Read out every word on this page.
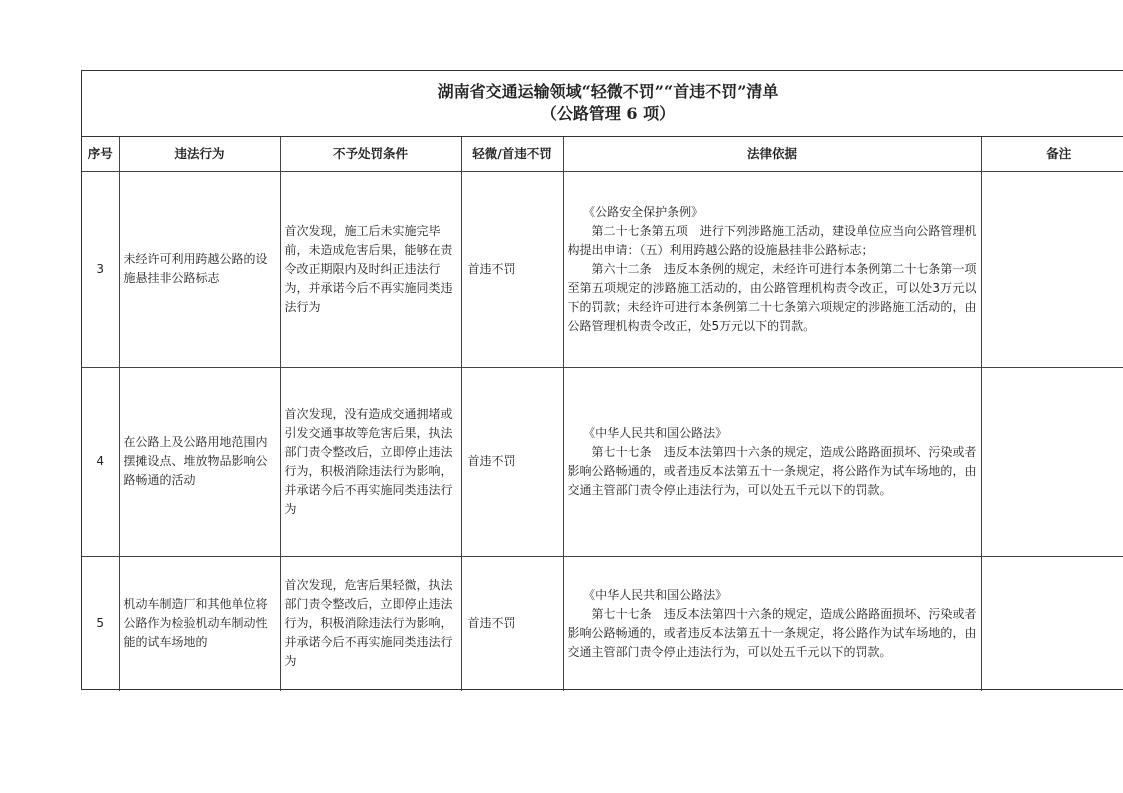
湖南省交通运输领域“轻微不罚”“首违不罚”清单
（公路管理 6 项）
序号	违法行为	不予处罚条件	轻微/首违不罚	法律依据	备注
3	未经许可利用跨越公路的设施悬挂非公路标志	首次发现，施工后未实施完毕前，未造成危害后果，能够在责令改正期限内及时纠正违法行为，并承诺今后不再实施同类违法行为	首违不罚	《公路安全保护条例》

第二十七条第五项　进行下列涉路施工活动，建设单位应当向公路管理机构提出申请：（五）利用跨越公路的设施悬挂非公路标志；

第六十二条　违反本条例的规定，未经许可进行本条例第二十七条第一项至第五项规定的涉路施工活动的，由公路管理机构责令改正，可以处3万元以下的罚款；未经许可进行本条例第二十七条第六项规定的涉路施工活动的，由公路管理机构责令改正，处5万元以下的罚款。	

4	在公路上及公路用地范围内摆摊设点、堆放物品影响公路畅通的活动	首次发现，没有造成交通拥堵或引发交通事故等危害后果，执法部门责令整改后，立即停止违法行为，积极消除违法行为影响，并承诺今后不再实施同类违法行为	首违不罚	《中华人民共和国公路法》

第七十七条　违反本法第四十六条的规定，造成公路路面损坏、污染或者影响公路畅通的，或者违反本法第五十一条规定，将公路作为试车场地的，由交通主管部门责令停止违法行为，可以处五千元以下的罚款。	

5	机动车制造厂和其他单位将公路作为检验机动车制动性能的试车场地的	首次发现，危害后果轻微，执法部门责令整改后，立即停止违法行为，积极消除违法行为影响，并承诺今后不再实施同类违法行为	首违不罚	《中华人民共和国公路法》

第七十七条　违反本法第四十六条的规定，造成公路路面损坏、污染或者影响公路畅通的，或者违反本法第五十一条规定，将公路作为试车场地的，由交通主管部门责令停止违法行为，可以处五千元以下的罚款。	
